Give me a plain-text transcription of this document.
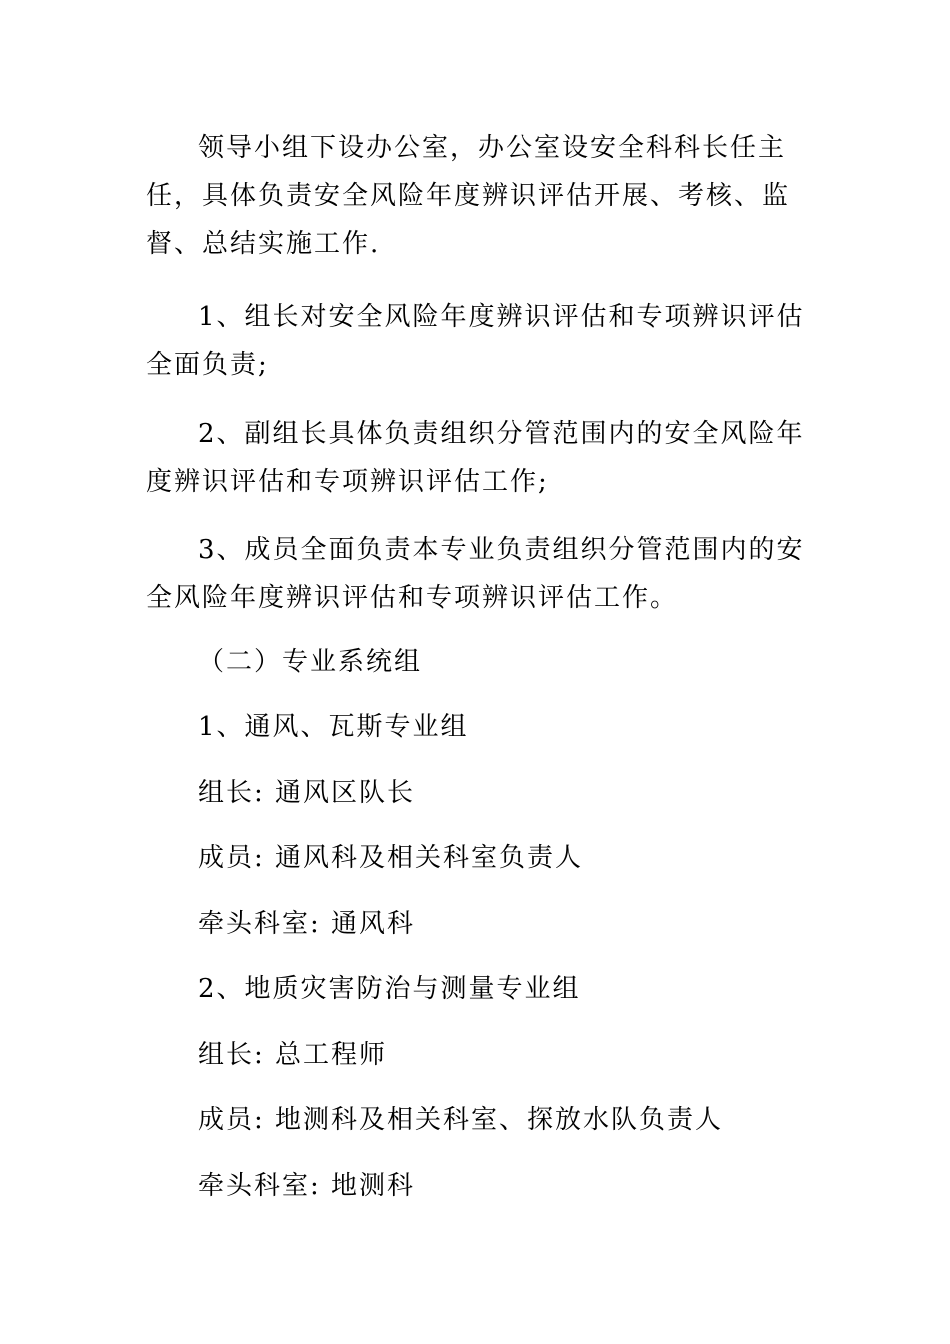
领导小组下设办公室，办公室设安全科科长任主任，具体负责安全风险年度辨识评估开展、考核、监督、总结实施工作.

1、组长对安全风险年度辨识评估和专项辨识评估全面负责;

2、副组长具体负责组织分管范围内的安全风险年度辨识评估和专项辨识评估工作;

3、成员全面负责本专业负责组织分管范围内的安全风险年度辨识评估和专项辨识评估工作。

（二）专业系统组

1、通风、瓦斯专业组

组长: 通风区队长

成员: 通风科及相关科室负责人

牵头科室: 通风科

2、地质灾害防治与测量专业组

组长: 总工程师

成员: 地测科及相关科室、探放水队负责人

牵头科室: 地测科
